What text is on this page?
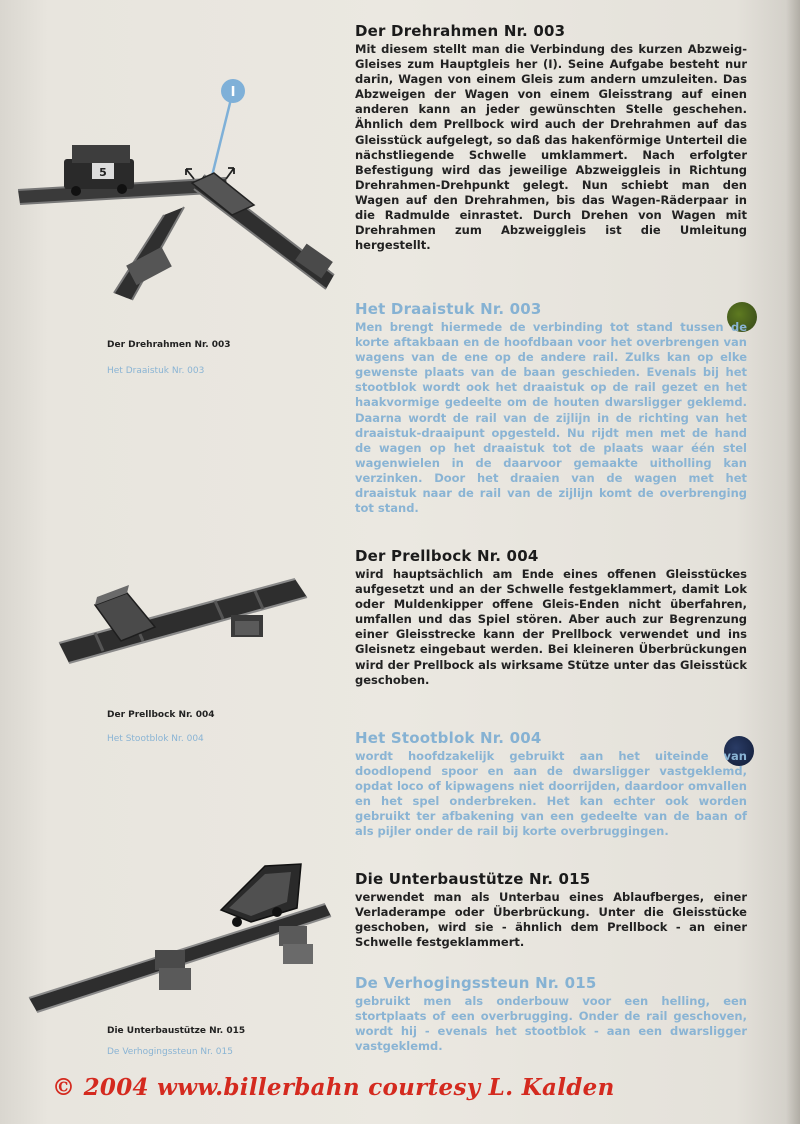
I
5
Der Drehrahmen Nr. 003
Het Draaistuk Nr. 003
Der Prellbock Nr. 004
Het Stootblok Nr. 004
Die Unterbaustütze Nr. 015
De Verhogingssteun Nr. 015
Der Drehrahmen Nr. 003

Mit diesem stellt man die Verbindung des kurzen Abzweig-Gleises zum Hauptgleis her (I). Seine Aufgabe besteht nur darin, Wagen von einem Gleis zum andern umzuleiten. Das Abzweigen der Wagen von einem Gleisstrang auf einen anderen kann an jeder gewünschten Stelle geschehen. Ähnlich dem Prellbock wird auch der Drehrahmen auf das Gleisstück aufgelegt, so daß das hakenförmige Unterteil die nächstliegende Schwelle umklammert. Nach erfolgter Befestigung wird das jeweilige Abzweiggleis in Richtung Drehrahmen-Drehpunkt gelegt. Nun schiebt man den Wagen auf den Drehrahmen, bis das Wagen-Räderpaar in die Radmulde einrastet. Durch Drehen von Wagen mit Drehrahmen zum Abzweiggleis ist die Umleitung hergestellt.

Het Draaistuk Nr. 003

Men brengt hiermede de verbinding tot stand tussen de korte aftakbaan en de hoofdbaan voor het overbrengen van wagens van de ene op de andere rail. Zulks kan op elke gewenste plaats van de baan geschieden. Evenals bij het stootblok wordt ook het draaistuk op de rail gezet en het haakvormige gedeelte om de houten dwarsligger geklemd. Daarna wordt de rail van de zijlijn in de richting van het draaistuk-draaipunt opgesteld. Nu rijdt men met de hand de wagen op het draaistuk tot de plaats waar één stel wagenwielen in de daarvoor gemaakte uitholling kan verzinken. Door het draaien van de wagen met het draaistuk naar de rail van de zijlijn komt de overbrenging tot stand.

Der Prellbock Nr. 004

wird hauptsächlich am Ende eines offenen Gleisstückes aufgesetzt und an der Schwelle festgeklammert, damit Lok oder Muldenkipper offene Gleis-Enden nicht überfahren, umfallen und das Spiel stören. Aber auch zur Begrenzung einer Gleisstrecke kann der Prellbock verwendet und ins Gleisnetz eingebaut werden. Bei kleineren Überbrückungen wird der Prellbock als wirksame Stütze unter das Gleisstück geschoben.

Het Stootblok Nr. 004

wordt hoofdzakelijk gebruikt aan het uiteinde van doodlopend spoor en aan de dwarsligger vastgeklemd, opdat loco of kipwagens niet doorrijden, daardoor omvallen en het spel onderbreken. Het kan echter ook worden gebruikt ter afbakening van een gedeelte van de baan of als pijler onder de rail bij korte overbruggingen.

Die Unterbaustütze Nr. 015

verwendet man als Unterbau eines Ablaufberges, einer Verladerampe oder Überbrückung. Unter die Gleisstücke geschoben, wird sie - ähnlich dem Prellbock - an einer Schwelle festgeklammert.

De Verhogingssteun Nr. 015

gebruikt men als onderbouw voor een helling, een stortplaats of een overbrugging. Onder de rail geschoven, wordt hij - evenals het stootblok - aan een dwarsligger vastgeklemd.

© 2004 www.billerbahn courtesy L. Kalden
